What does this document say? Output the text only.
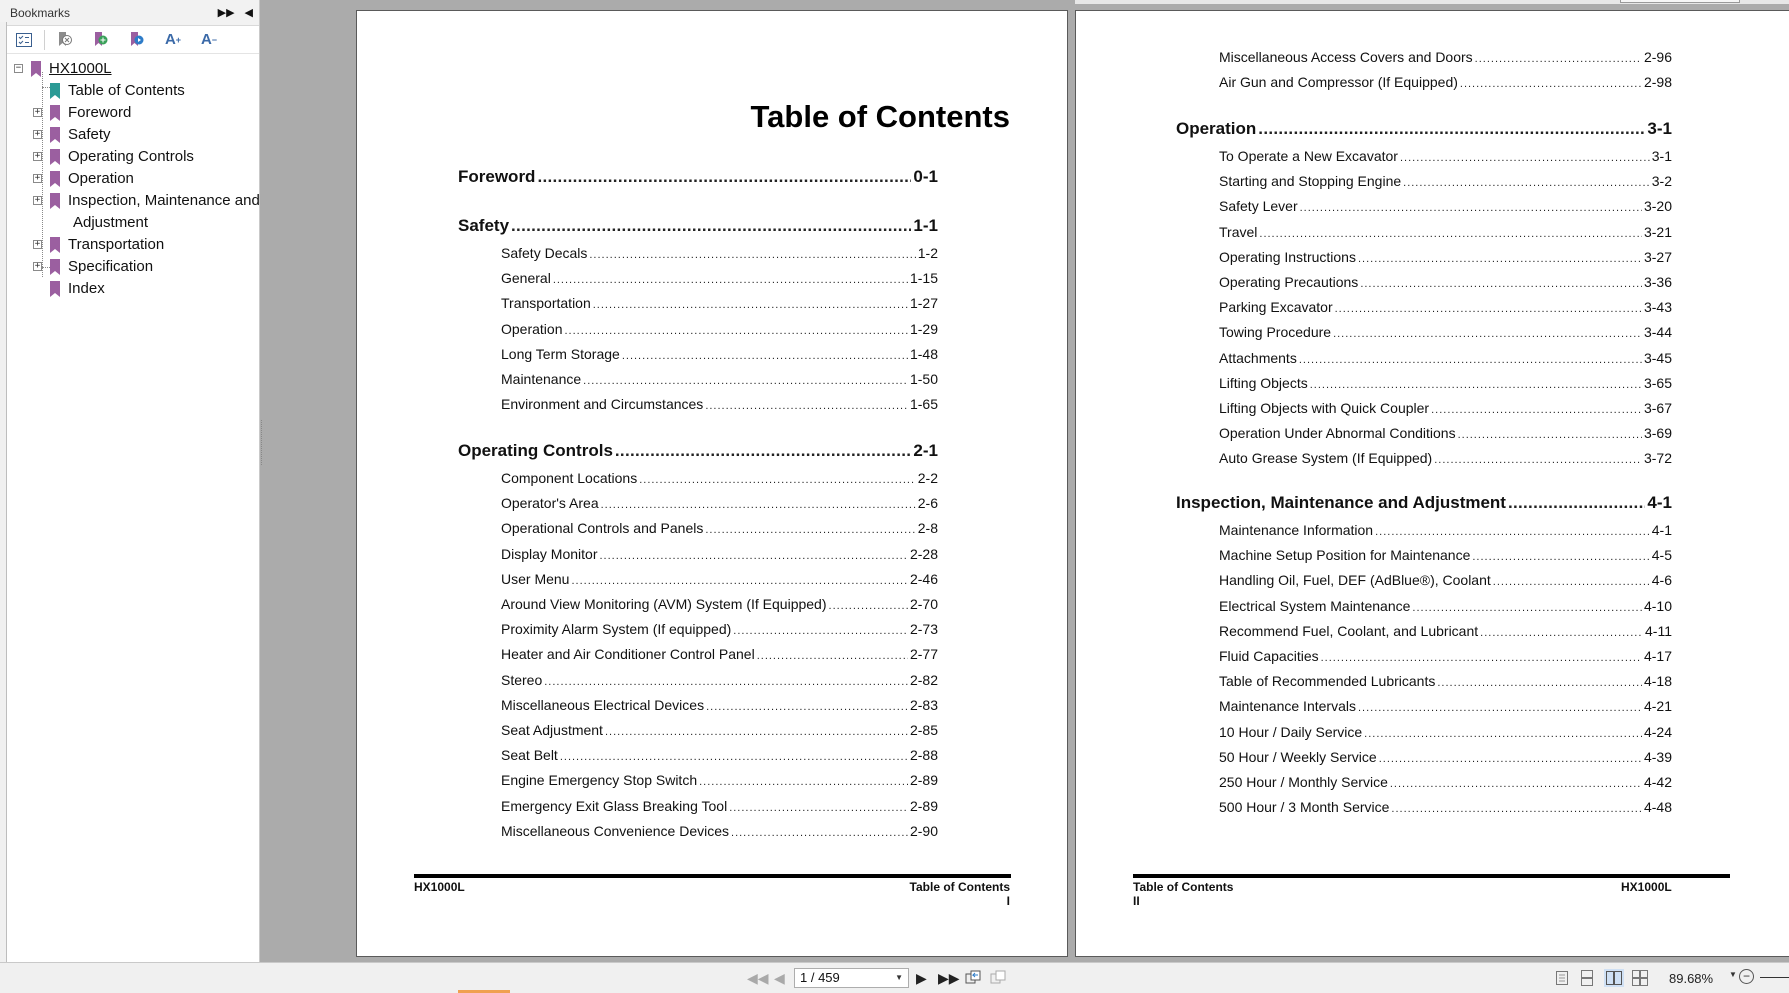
Bookmarks	▶▶ ◀
A + A −
− HX1000L
Table of Contents
+ Foreword
+ Safety
+ Operating Controls
+ Operation
+ Inspection, Maintenance and
Adjustment
+ Transportation
+ Specification
Index
Table of Contents
Foreword .....	0-1
Safety .....	1-1
Safety Decals .....	1-2
General .....	1-15
Transportation .....	1-27
Operation .....	1-29
Long Term Storage .....	1-48
Maintenance .....	1-50
Environment and Circumstances .....	1-65
Operating Controls .....	2-1
Component Locations .....	2-2
Operator's Area .....	2-6
Operational Controls and Panels .....	2-8
Display Monitor .....	2-28
User Menu .....	2-46
Around View Monitoring (AVM) System (If Equipped) .....	2-70
Proximity Alarm System (If equipped) .....	2-73
Heater and Air Conditioner Control Panel .....	2-77
Stereo .....	2-82
Miscellaneous Electrical Devices .....	2-83
Seat Adjustment .....	2-85
Seat Belt .....	2-88
Engine Emergency Stop Switch .....	2-89
Emergency Exit Glass Breaking Tool .....	2-89
Miscellaneous Convenience Devices .....	2-90
HX1000L	Table of Contents
I
Miscellaneous Access Covers and Doors .....	2-96
Air Gun and Compressor (If Equipped) .....	2-98
Operation .....	3-1
To Operate a New Excavator .....	3-1
Starting and Stopping Engine .....	3-2
Safety Lever .....	3-20
Travel .....	3-21
Operating Instructions .....	3-27
Operating Precautions .....	3-36
Parking Excavator .....	3-43
Towing Procedure .....	3-44
Attachments .....	3-45
Lifting Objects .....	3-65
Lifting Objects with Quick Coupler .....	3-67
Operation Under Abnormal Conditions .....	3-69
Auto Grease System (If Equipped) .....	3-72
Inspection, Maintenance and Adjustment .....	4-1
Maintenance Information .....	4-1
Machine Setup Position for Maintenance .....	4-5
Handling Oil, Fuel, DEF (AdBlue®), Coolant .....	4-6
Electrical System Maintenance .....	4-10
Recommend Fuel, Coolant, and Lubricant .....	4-11
Fluid Capacities .....	4-17
Table of Recommended Lubricants .....	4-18
Maintenance Intervals .....	4-21
10 Hour / Daily Service .....	4-24
50 Hour / Weekly Service .....	4-39
250 Hour / Monthly Service .....	4-42
500 Hour / 3 Month Service .....	4-48
Table of Contents
II
HX1000L
◀◀ ◀	1 / 459	▼ ▶ ▶▶	89.68% ▼ −
